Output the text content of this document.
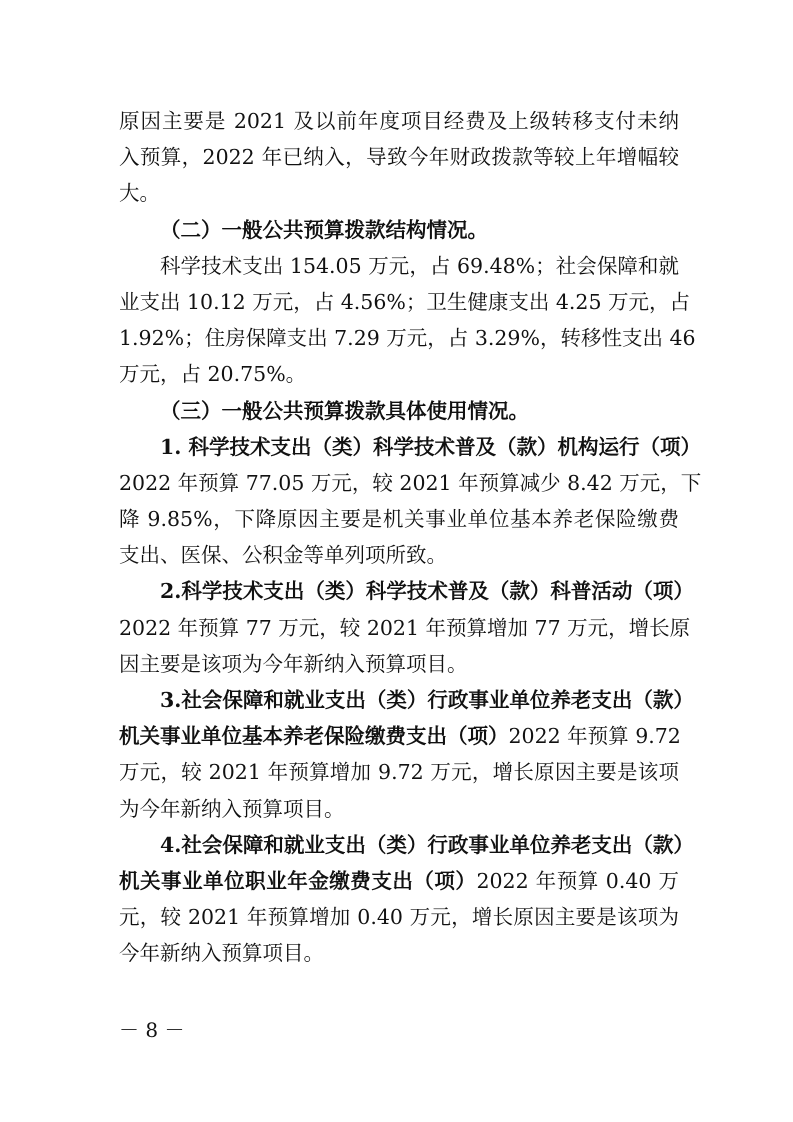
原因主要是 2021 及以前年度项目经费及上级转移支付未纳
入预算，2022 年已纳入，导致今年财政拨款等较上年增幅较
大。
（二）一般公共预算拨款结构情况。
科学技术支出 154.05 万元，占 69.48%；社会保障和就
业支出 10.12 万元，占 4.56%；卫生健康支出 4.25 万元，占
1.92%；住房保障支出 7.29 万元，占 3.29%，转移性支出 46
万元，占 20.75%。
（三）一般公共预算拨款具体使用情况。
1. 科学技术支出（类）科学技术普及（款）机构运行（项）
2022 年预算 77.05 万元，较 2021 年预算减少 8.42 万元，下
降 9.85%，下降原因主要是机关事业单位基本养老保险缴费
支出、医保、公积金等单列项所致。
2.科学技术支出（类）科学技术普及（款）科普活动（项）
2022 年预算 77 万元，较 2021 年预算增加 77 万元，增长原
因主要是该项为今年新纳入预算项目。
3.社会保障和就业支出（类）行政事业单位养老支出（款）
机关事业单位基本养老保险缴费支出（项）2022 年预算 9.72
万元，较 2021 年预算增加 9.72 万元，增长原因主要是该项
为今年新纳入预算项目。
4.社会保障和就业支出（类）行政事业单位养老支出（款）
机关事业单位职业年金缴费支出（项）2022 年预算 0.40 万
元，较 2021 年预算增加 0.40 万元，增长原因主要是该项为
今年新纳入预算项目。
－ 8 －
